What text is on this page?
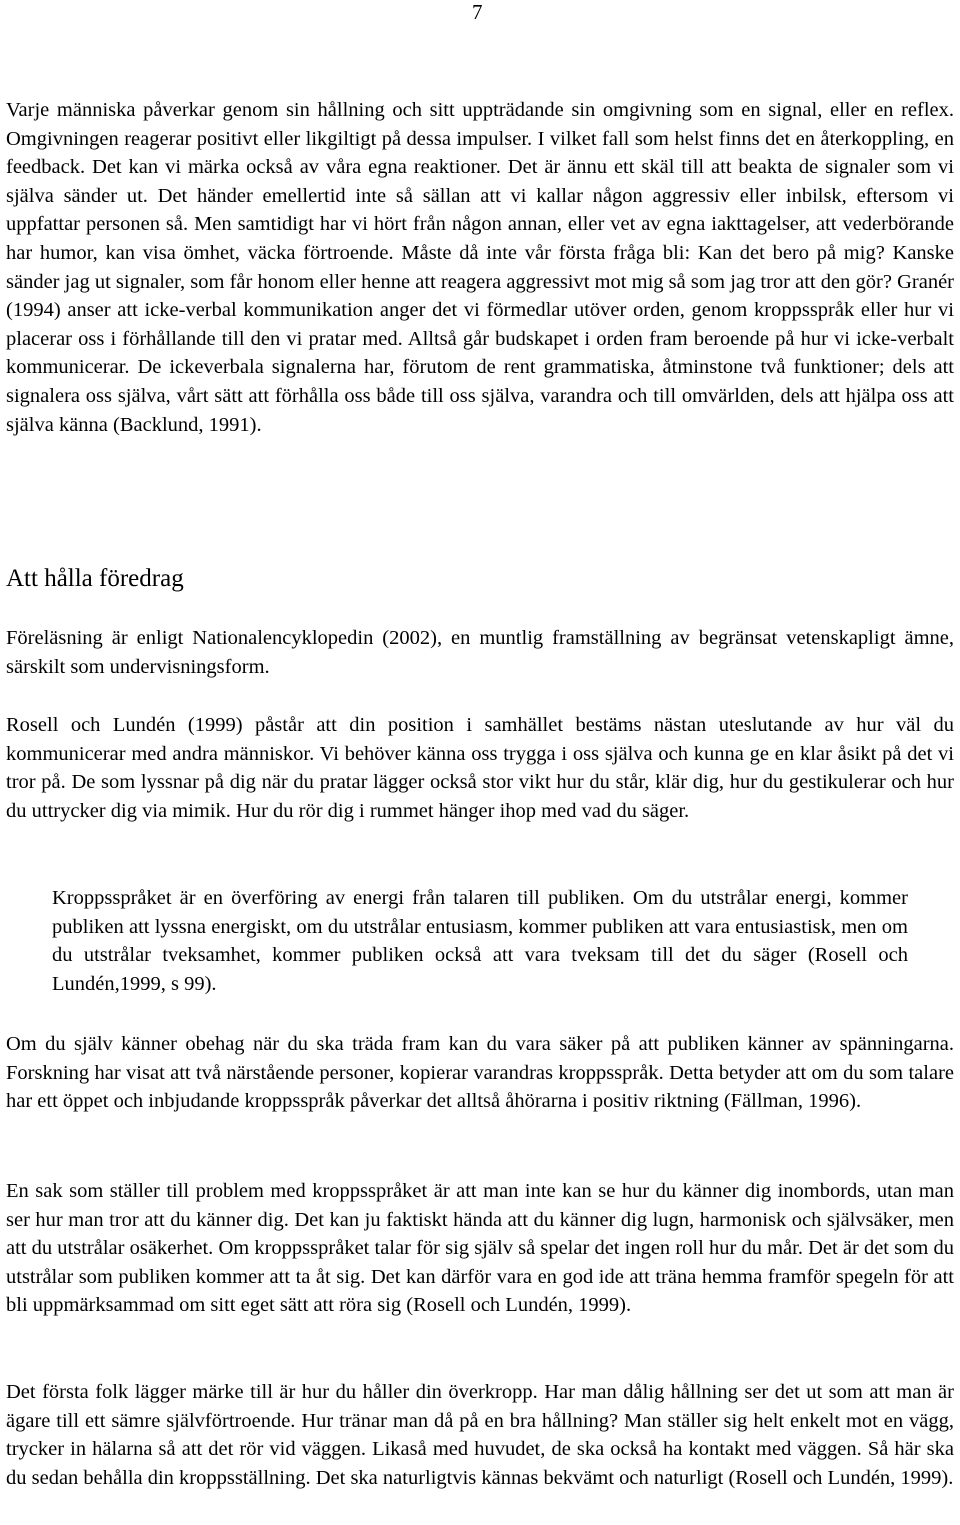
7

Varje människa påverkar genom sin hållning och sitt uppträdande sin omgivning som en signal, eller en reflex. Omgivningen reagerar positivt eller likgiltigt på dessa impulser. I vilket fall som helst finns det en återkoppling, en feedback. Det kan vi märka också av våra egna reaktioner. Det är ännu ett skäl till att beakta de signaler som vi själva sänder ut. Det händer emellertid inte så sällan att vi kallar någon aggressiv eller inbilsk, eftersom vi uppfattar personen så. Men samtidigt har vi hört från någon annan, eller vet av egna iakttagelser, att vederbörande har humor, kan visa ömhet, väcka förtroende. Måste då inte vår första fråga bli: Kan det bero på mig? Kanske sänder jag ut signaler, som får honom eller henne att reagera aggressivt mot mig så som jag tror att den gör? Granér (1994) anser att icke-verbal kommunikation anger det vi förmedlar utöver orden, genom kroppsspråk eller hur vi placerar oss i förhållande till den vi pratar med. Alltså går budskapet i orden fram beroende på hur vi icke-verbalt kommunicerar. De ickeverbala signalerna har, förutom de rent grammatiska, åtminstone två funktioner; dels att signalera oss själva, vårt sätt att förhålla oss både till oss själva, varandra och till omvärlden, dels att hjälpa oss att själva känna (Backlund, 1991).

Att hålla föredrag

Föreläsning är enligt Nationalencyklopedin (2002), en muntlig framställning av begränsat vetenskapligt ämne, särskilt som undervisningsform.

Rosell och Lundén (1999) påstår att din position i samhället bestäms nästan uteslutande av hur väl du kommunicerar med andra människor. Vi behöver känna oss trygga i oss själva och kunna ge en klar åsikt på det vi tror på. De som lyssnar på dig när du pratar lägger också stor vikt hur du står, klär dig, hur du gestikulerar och hur du uttrycker dig via mimik. Hur du rör dig i rummet hänger ihop med vad du säger.

Kroppsspråket är en överföring av energi från talaren till publiken. Om du utstrålar energi, kommer publiken att lyssna energiskt, om du utstrålar entusiasm, kommer publiken att vara entusiastisk, men om du utstrålar tveksamhet, kommer publiken också att vara tveksam till det du säger (Rosell och Lundén,1999, s 99).

Om du själv känner obehag när du ska träda fram kan du vara säker på att publiken känner av spänningarna. Forskning har visat att två närstående personer, kopierar varandras kroppsspråk. Detta betyder att om du som talare har ett öppet och inbjudande kroppsspråk påverkar det alltså åhörarna i positiv riktning (Fällman, 1996).

En sak som ställer till problem med kroppsspråket är att man inte kan se hur du känner dig inombords, utan man ser hur man tror att du känner dig. Det kan ju faktiskt hända att du känner dig lugn, harmonisk och självsäker, men att du utstrålar osäkerhet. Om kroppsspråket talar för sig själv så spelar det ingen roll hur du mår. Det är det som du utstrålar som publiken kommer att ta åt sig. Det kan därför vara en god ide att träna hemma framför spegeln för att bli uppmärksammad om sitt eget sätt att röra sig (Rosell och Lundén, 1999).

Det första folk lägger märke till är hur du håller din överkropp. Har man dålig hållning ser det ut som att man är ägare till ett sämre självförtroende. Hur tränar man då på en bra hållning? Man ställer sig helt enkelt mot en vägg, trycker in hälarna så att det rör vid väggen. Likaså med huvudet, de ska också ha kontakt med väggen. Så här ska du sedan behålla din kroppsställning. Det ska naturligtvis kännas bekvämt och naturligt (Rosell och Lundén, 1999).
